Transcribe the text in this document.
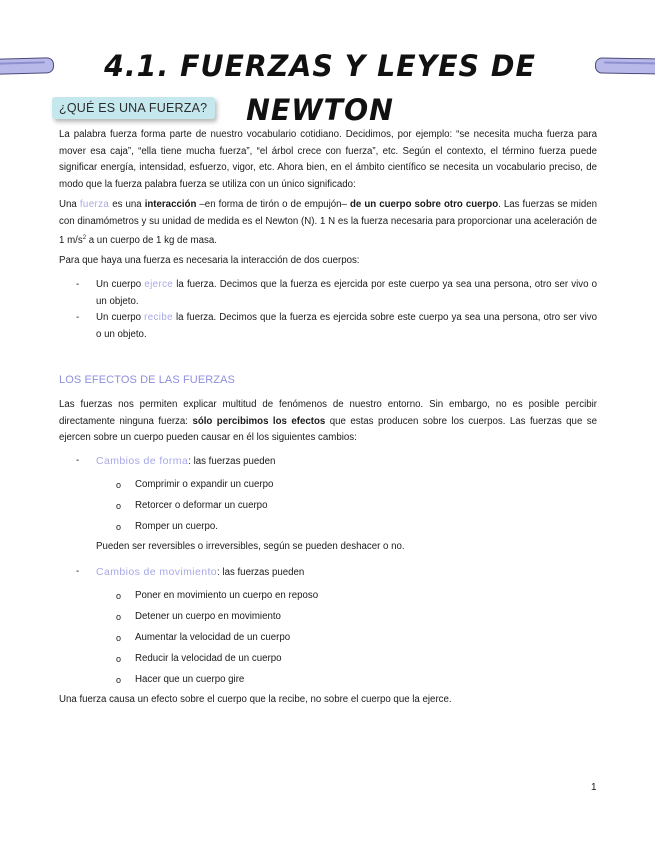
4.1. FUERZAS Y LEYES DE NEWTON
¿QUÉ ES UNA FUERZA?

La palabra fuerza forma parte de nuestro vocabulario cotidiano. Decidimos, por ejemplo: “se necesita mucha fuerza para mover esa caja”, “ella tiene mucha fuerza”, “el árbol crece con fuerza”, etc. Según el contexto, el término fuerza puede significar energía, intensidad, esfuerzo, vigor, etc. Ahora bien, en el ámbito científico se necesita un vocabulario preciso, de modo que la fuerza palabra fuerza se utiliza con un único significado:

Una fuerza es una interacción –en forma de tirón o de empujón– de un cuerpo sobre otro cuerpo. Las fuerzas se miden con dinamómetros y su unidad de medida es el Newton (N). 1 N es la fuerza necesaria para proporcionar una aceleración de 1 $m/s^2$ a un cuerpo de 1 kg de masa.

Para que haya una fuerza es necesaria la interacción de dos cuerpos:

- Un cuerpo ejerce la fuerza. Decimos que la fuerza es ejercida por este cuerpo ya sea una persona, otro ser vivo o un objeto.
- Un cuerpo recibe la fuerza. Decimos que la fuerza es ejercida sobre este cuerpo ya sea una persona, otro ser vivo o un objeto.
LOS EFECTOS DE LAS FUERZAS

Las fuerzas nos permiten explicar multitud de fenómenos de nuestro entorno. Sin embargo, no es posible percibir directamente ninguna fuerza: sólo percibimos los efectos que estas producen sobre los cuerpos. Las fuerzas que se ejercen sobre un cuerpo pueden causar en él los siguientes cambios:

- Cambios de forma: las fuerzas pueden
o Comprimir o expandir un cuerpo
o Retorcer o deformar un cuerpo
o Romper un cuerpo.

Pueden ser reversibles o irreversibles, según se pueden deshacer o no.

- Cambios de movimiento: las fuerzas pueden
o Poner en movimiento un cuerpo en reposo
o Detener un cuerpo en movimiento
o Aumentar la velocidad de un cuerpo
o Reducir la velocidad de un cuerpo
o Hacer que un cuerpo gire

Una fuerza causa un efecto sobre el cuerpo que la recibe, no sobre el cuerpo que la ejerce.

1
